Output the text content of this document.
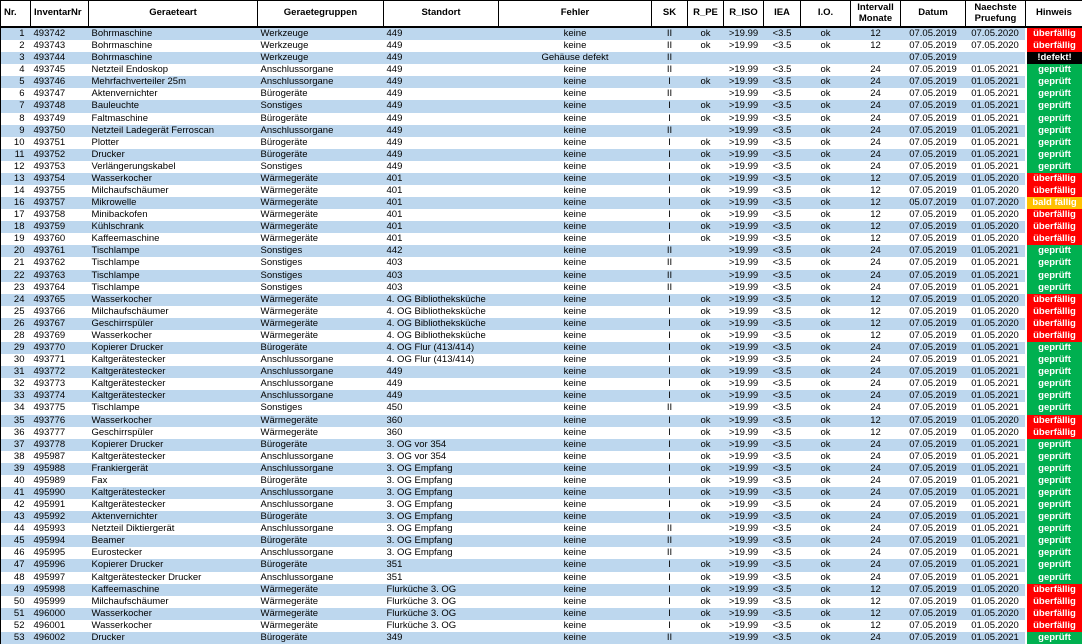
Nr.	InventarNr	Geraeteart	Geraetegruppen	Standort	Fehler	SK	R_PE	R_ISO	IEA	I.O.	Intervall Monate	Datum	Naechste Pruefung	Hinweis
1	493742	Bohrmaschine	Werkzeuge	449	keine	II	ok	>19.99	<3.5	ok	12	07.05.2019	07.05.2020	überfällig
2	493743	Bohrmaschine	Werkzeuge	449	keine	II	ok	>19.99	<3.5	ok	12	07.05.2019	07.05.2020	überfällig
3	493744	Bohrmaschine	Werkzeuge	449	Gehäuse defekt	II						07.05.2019		!defekt!
4	493745	Netzteil Endoskop	Anschlussorgane	449	keine	II		>19.99	<3.5	ok	24	07.05.2019	01.05.2021	geprüft
5	493746	Mehrfachverteiler 25m	Anschlussorgane	449	keine	I	ok	>19.99	<3.5	ok	24	07.05.2019	01.05.2021	geprüft
6	493747	Aktenvernichter	Bürogeräte	449	keine	II		>19.99	<3.5	ok	24	07.05.2019	01.05.2021	geprüft
7	493748	Bauleuchte	Sonstiges	449	keine	I	ok	>19.99	<3.5	ok	24	07.05.2019	01.05.2021	geprüft
8	493749	Faltmaschine	Bürogeräte	449	keine	I	ok	>19.99	<3.5	ok	24	07.05.2019	01.05.2021	geprüft
9	493750	Netzteil Ladegerät Ferroscan	Anschlussorgane	449	keine	II		>19.99	<3.5	ok	24	07.05.2019	01.05.2021	geprüft
10	493751	Plotter	Bürogeräte	449	keine	I	ok	>19.99	<3.5	ok	24	07.05.2019	01.05.2021	geprüft
11	493752	Drucker	Bürogeräte	449	keine	I	ok	>19.99	<3.5	ok	24	07.05.2019	01.05.2021	geprüft
12	493753	Verlängerungskabel	Sonstiges	449	keine	I	ok	>19.99	<3.5	ok	24	07.05.2019	01.05.2021	geprüft
13	493754	Wasserkocher	Wärmegeräte	401	keine	I	ok	>19.99	<3.5	ok	12	07.05.2019	01.05.2020	überfällig
14	493755	Milchaufschäumer	Wärmegeräte	401	keine	I	ok	>19.99	<3.5	ok	12	07.05.2019	01.05.2020	überfällig
16	493757	Mikrowelle	Wärmegeräte	401	keine	I	ok	>19.99	<3.5	ok	12	05.07.2019	01.07.2020	bald fällig
17	493758	Minibackofen	Wärmegeräte	401	keine	I	ok	>19.99	<3.5	ok	12	07.05.2019	01.05.2020	überfällig
18	493759	Kühlschrank	Wärmegeräte	401	keine	I	ok	>19.99	<3.5	ok	12	07.05.2019	01.05.2020	überfällig
19	493760	Kaffeemaschine	Wärmegeräte	401	keine	I	ok	>19.99	<3.5	ok	12	07.05.2019	01.05.2020	überfällig
20	493761	Tischlampe	Sonstiges	442	keine	II		>19.99	<3.5	ok	24	07.05.2019	01.05.2021	geprüft
21	493762	Tischlampe	Sonstiges	403	keine	II		>19.99	<3.5	ok	24	07.05.2019	01.05.2021	geprüft
22	493763	Tischlampe	Sonstiges	403	keine	II		>19.99	<3.5	ok	24	07.05.2019	01.05.2021	geprüft
23	493764	Tischlampe	Sonstiges	403	keine	II		>19.99	<3.5	ok	24	07.05.2019	01.05.2021	geprüft
24	493765	Wasserkocher	Wärmegeräte	4. OG Bibliotheksküche	keine	I	ok	>19.99	<3.5	ok	12	07.05.2019	01.05.2020	überfällig
25	493766	Milchaufschäumer	Wärmegeräte	4. OG Bibliotheksküche	keine	I	ok	>19.99	<3.5	ok	12	07.05.2019	01.05.2020	überfällig
26	493767	Geschirrspüler	Wärmegeräte	4. OG Bibliotheksküche	keine	I	ok	>19.99	<3.5	ok	12	07.05.2019	01.05.2020	überfällig
28	493769	Wasserkocher	Wärmegeräte	4. OG Bibliotheksküche	keine	I	ok	>19.99	<3.5	ok	12	07.05.2019	01.05.2020	überfällig
29	493770	Kopierer Drucker	Bürogeräte	4. OG Flur (413/414)	keine	I	ok	>19.99	<3.5	ok	24	07.05.2019	01.05.2021	geprüft
30	493771	Kaltgerätestecker	Anschlussorgane	4. OG Flur (413/414)	keine	I	ok	>19.99	<3.5	ok	24	07.05.2019	01.05.2021	geprüft
31	493772	Kaltgerätestecker	Anschlussorgane	449	keine	I	ok	>19.99	<3.5	ok	24	07.05.2019	01.05.2021	geprüft
32	493773	Kaltgerätestecker	Anschlussorgane	449	keine	I	ok	>19.99	<3.5	ok	24	07.05.2019	01.05.2021	geprüft
33	493774	Kaltgerätestecker	Anschlussorgane	449	keine	I	ok	>19.99	<3.5	ok	24	07.05.2019	01.05.2021	geprüft
34	493775	Tischlampe	Sonstiges	450	keine	II		>19.99	<3.5	ok	24	07.05.2019	01.05.2021	geprüft
35	493776	Wasserkocher	Wärmegeräte	360	keine	I	ok	>19.99	<3.5	ok	12	07.05.2019	01.05.2020	überfällig
36	493777	Geschirrspüler	Wärmegeräte	360	keine	I	ok	>19.99	<3.5	ok	12	07.05.2019	01.05.2020	überfällig
37	493778	Kopierer Drucker	Bürogeräte	3. OG vor 354	keine	I	ok	>19.99	<3.5	ok	24	07.05.2019	01.05.2021	geprüft
38	495987	Kaltgerätestecker	Anschlussorgane	3. OG vor 354	keine	I	ok	>19.99	<3.5	ok	24	07.05.2019	01.05.2021	geprüft
39	495988	Frankiergerät	Anschlussorgane	3. OG Empfang	keine	I	ok	>19.99	<3.5	ok	24	07.05.2019	01.05.2021	geprüft
40	495989	Fax	Bürogeräte	3. OG Empfang	keine	I	ok	>19.99	<3.5	ok	24	07.05.2019	01.05.2021	geprüft
41	495990	Kaltgerätestecker	Anschlussorgane	3. OG Empfang	keine	I	ok	>19.99	<3.5	ok	24	07.05.2019	01.05.2021	geprüft
42	495991	Kaltgerätestecker	Anschlussorgane	3. OG Empfang	keine	I	ok	>19.99	<3.5	ok	24	07.05.2019	01.05.2021	geprüft
43	495992	Aktenvernichter	Bürogeräte	3. OG Empfang	keine	I	ok	>19.99	<3.5	ok	24	07.05.2019	01.05.2021	geprüft
44	495993	Netzteil Diktiergerät	Anschlussorgane	3. OG Empfang	keine	II		>19.99	<3.5	ok	24	07.05.2019	01.05.2021	geprüft
45	495994	Beamer	Bürogeräte	3. OG Empfang	keine	II		>19.99	<3.5	ok	24	07.05.2019	01.05.2021	geprüft
46	495995	Eurostecker	Anschlussorgane	3. OG Empfang	keine	II		>19.99	<3.5	ok	24	07.05.2019	01.05.2021	geprüft
47	495996	Kopierer Drucker	Bürogeräte	351	keine	I	ok	>19.99	<3.5	ok	24	07.05.2019	01.05.2021	geprüft
48	495997	Kaltgerätestecker Drucker	Anschlussorgane	351	keine	I	ok	>19.99	<3.5	ok	24	07.05.2019	01.05.2021	geprüft
49	495998	Kaffeemaschine	Wärmegeräte	Flurküche 3. OG	keine	I	ok	>19.99	<3.5	ok	12	07.05.2019	01.05.2020	überfällig
50	495999	Milchaufschäumer	Wärmegeräte	Flurküche 3. OG	keine	I	ok	>19.99	<3.5	ok	12	07.05.2019	01.05.2020	überfällig
51	496000	Wasserkocher	Wärmegeräte	Flurküche 3. OG	keine	I	ok	>19.99	<3.5	ok	12	07.05.2019	01.05.2020	überfällig
52	496001	Wasserkocher	Wärmegeräte	Flurküche 3. OG	keine	I	ok	>19.99	<3.5	ok	12	07.05.2019	01.05.2020	überfällig
53	496002	Drucker	Bürogeräte	349	keine	II		>19.99	<3.5	ok	24	07.05.2019	01.05.2021	geprüft
